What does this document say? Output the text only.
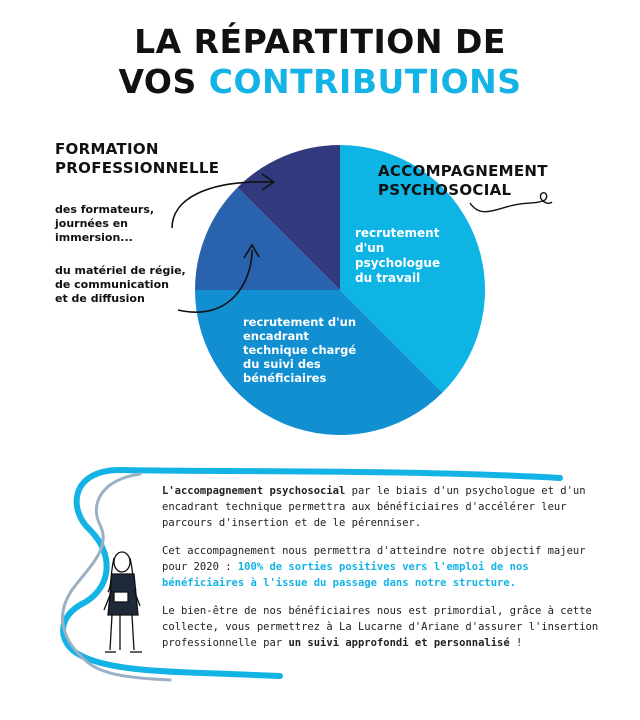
LA RÉPARTITION DE
VOS CONTRIBUTIONS
FORMATION
PROFESSIONNELLE
des formateurs,
journées en
immersion...
du matériel de régie,
de communication
et de diffusion
ACCOMPAGNEMENT
PSYCHOSOCIAL
recrutement
d'un
psychologue
du travail
recrutement d'un
encadrant
technique chargé
du suivi des
bénéficiaires

L'accompagnement psychosocial par le biais d'un psychologue et d'un encadrant technique permettra aux bénéficiaires d'accélérer leur parcours d'insertion et de le pérenniser.

Cet accompagnement nous permettra d'atteindre notre objectif majeur pour 2020 : 100% de sorties positives vers l'emploi de nos bénéficiaires à l'issue du passage dans notre structure.

Le bien-être de nos bénéficiaires nous est primordial, grâce à cette collecte, vous permettrez à La Lucarne d'Ariane d'assurer l'insertion professionnelle par un suivi approfondi et personnalisé !
